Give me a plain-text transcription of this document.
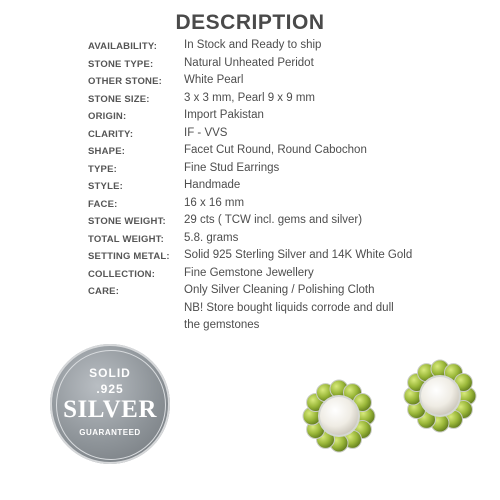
DESCRIPTION
AVAILABILITY: In Stock and Ready to ship
STONE TYPE:	Natural Unheated Peridot
OTHER STONE: White Pearl
STONE SIZE:	3 x 3 mm, Pearl 9 x 9 mm
ORIGIN:	Import Pakistan
CLARITY:	IF - VVS
SHAPE:	Facet Cut Round, Round Cabochon
TYPE:	Fine Stud Earrings
STYLE:	Handmade
FACE:	16 x 16 mm
STONE WEIGHT: 29 cts ( TCW incl. gems and silver)
TOTAL WEIGHT: 5.8. grams
SETTING METAL: Solid 925 Sterling Silver and 14K White Gold
COLLECTION:	Fine Gemstone Jewellery
CARE:	Only Silver Cleaning / Polishing Cloth
NB! Store bought liquids corrode and dull
the gemstones
SOLID
.925
SILVER
GUARANTEED
